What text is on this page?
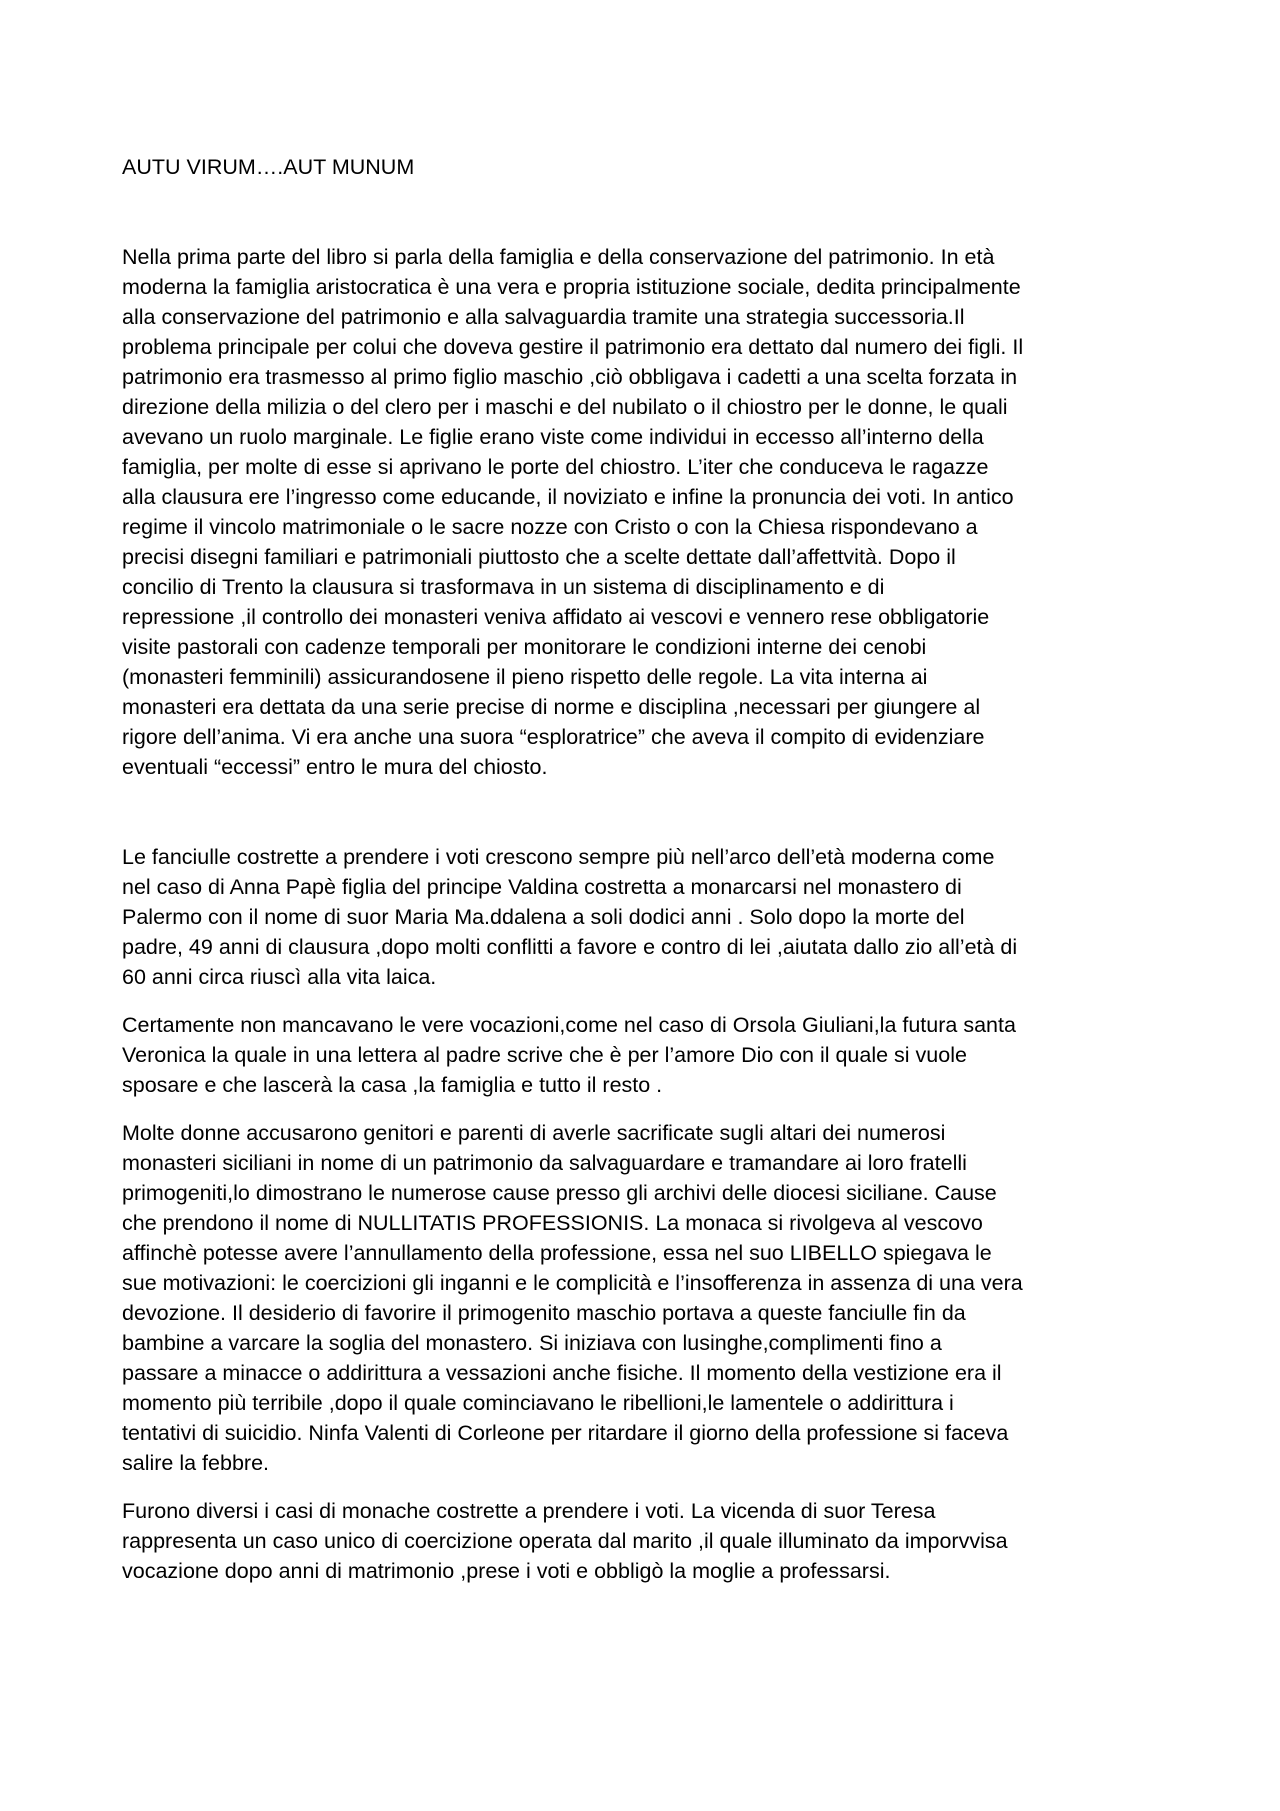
AUTU VIRUM….AUT MUNUM

Nella prima parte del libro si parla della famiglia e della conservazione del patrimonio. In età
moderna la famiglia aristocratica è una vera e propria istituzione sociale, dedita principalmente
alla conservazione del patrimonio e alla salvaguardia tramite una strategia successoria.Il
problema principale per colui che doveva gestire il patrimonio era dettato dal numero dei figli. Il
patrimonio era trasmesso al primo figlio maschio ,ciò obbligava i cadetti a una scelta forzata in
direzione della milizia o del clero per i maschi e del nubilato o il chiostro per le donne, le quali
avevano un ruolo marginale. Le figlie erano viste come individui in eccesso all’interno della
famiglia, per molte di esse si aprivano le porte del chiostro. L’iter che conduceva le ragazze
alla clausura ere l’ingresso come educande, il noviziato e infine la pronuncia dei voti. In antico
regime il vincolo matrimoniale o le sacre nozze con Cristo o con la Chiesa rispondevano a
precisi disegni familiari e patrimoniali piuttosto che a scelte dettate dall’affettvità. Dopo il
concilio di Trento la clausura si trasformava in un sistema di disciplinamento e di
repressione ,il controllo dei monasteri veniva affidato ai vescovi e vennero rese obbligatorie
visite pastorali con cadenze temporali per monitorare le condizioni interne dei cenobi
(monasteri femminili) assicurandosene il pieno rispetto delle regole. La vita interna ai
monasteri era dettata da una serie precise di norme e disciplina ,necessari per giungere al
rigore dell’anima. Vi era anche una suora “esploratrice” che aveva il compito di evidenziare
eventuali “eccessi” entro le mura del chiosto.

Le fanciulle costrette a prendere i voti crescono sempre più nell’arco dell’età moderna come
nel caso di Anna Papè figlia del principe Valdina costretta a monarcarsi nel monastero di
Palermo con il nome di suor Maria Ma.ddalena a soli dodici anni . Solo dopo la morte del
padre, 49 anni di clausura ,dopo molti conflitti a favore e contro di lei ,aiutata dallo zio all’età di
60 anni circa riuscì alla vita laica.

Certamente non mancavano le vere vocazioni,come nel caso di Orsola Giuliani,la futura santa
Veronica la quale in una lettera al padre scrive che è per l’amore Dio con il quale si vuole
sposare e che lascerà la casa ,la famiglia e tutto il resto .

Molte donne accusarono genitori e parenti di averle sacrificate sugli altari dei numerosi
monasteri siciliani in nome di un patrimonio da salvaguardare e tramandare ai loro fratelli
primogeniti,lo dimostrano le numerose cause presso gli archivi delle diocesi siciliane. Cause
che prendono il nome di NULLITATIS PROFESSIONIS. La monaca si rivolgeva al vescovo
affinchè potesse avere l’annullamento della professione, essa nel suo LIBELLO spiegava le
sue motivazioni: le coercizioni gli inganni e le complicità e l’insofferenza in assenza di una vera
devozione. Il desiderio di favorire il primogenito maschio portava a queste fanciulle fin da
bambine a varcare la soglia del monastero. Si iniziava con lusinghe,complimenti fino a
passare a minacce o addirittura a vessazioni anche fisiche. Il momento della vestizione era il
momento più terribile ,dopo il quale cominciavano le ribellioni,le lamentele o addirittura i
tentativi di suicidio. Ninfa Valenti di Corleone per ritardare il giorno della professione si faceva
salire la febbre.

Furono diversi i casi di monache costrette a prendere i voti. La vicenda di suor Teresa
rappresenta un caso unico di coercizione operata dal marito ,il quale illuminato da imporvvisa
vocazione dopo anni di matrimonio ,prese i voti e obbligò la moglie a professarsi.
